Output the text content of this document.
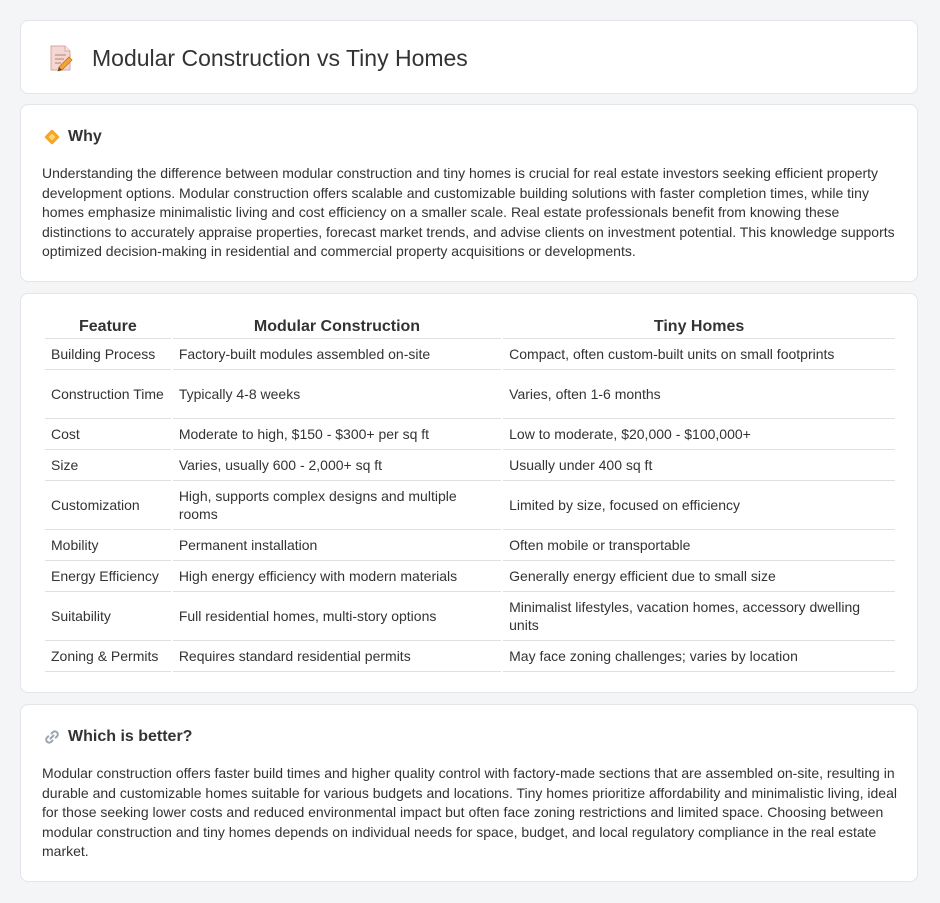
Modular Construction vs Tiny Homes
Why

Understanding the difference between modular construction and tiny homes is crucial for real estate investors seeking efficient property development options. Modular construction offers scalable and customizable building solutions with faster completion times, while tiny homes emphasize minimalistic living and cost efficiency on a smaller scale. Real estate professionals benefit from knowing these distinctions to accurately appraise properties, forecast market trends, and advise clients on investment potential. This knowledge supports optimized decision-making in residential and commercial property acquisitions or developments.

Feature	Modular Construction	Tiny Homes
Building Process	Factory-built modules assembled on-site	Compact, often custom-built units on small footprints
Construction Time	Typically 4-8 weeks	Varies, often 1-6 months
Cost	Moderate to high, $150 - $300+ per sq ft	Low to moderate, $20,000 - $100,000+
Size	Varies, usually 600 - 2,000+ sq ft	Usually under 400 sq ft
Customization	High, supports complex designs and multiple rooms	Limited by size, focused on efficiency
Mobility	Permanent installation	Often mobile or transportable
Energy Efficiency	High energy efficiency with modern materials	Generally energy efficient due to small size
Suitability	Full residential homes, multi-story options	Minimalist lifestyles, vacation homes, accessory dwelling units
Zoning & Permits	Requires standard residential permits	May face zoning challenges; varies by location
Which is better?

Modular construction offers faster build times and higher quality control with factory-made sections that are assembled on-site, resulting in durable and customizable homes suitable for various budgets and locations. Tiny homes prioritize affordability and minimalistic living, ideal for those seeking lower costs and reduced environmental impact but often face zoning restrictions and limited space. Choosing between modular construction and tiny homes depends on individual needs for space, budget, and local regulatory compliance in the real estate market.
